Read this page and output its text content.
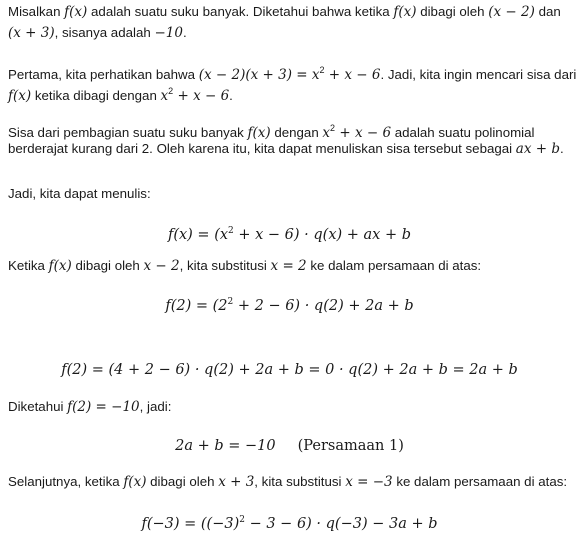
Misalkan f(x) adalah suatu suku banyak. Diketahui bahwa ketika f(x) dibagi oleh (x − 2) dan
(x + 3), sisanya adalah −10.
Pertama, kita perhatikan bahwa $(x - 2)(x + 3) = x^2 + x - 6$. Jadi, kita ingin mencari sisa dari
f(x) ketika dibagi dengan $x^2 + x - 6$.
Sisa dari pembagian suatu suku banyak f(x) dengan $x^2 + x - 6$ adalah suatu polinomial
berderajat kurang dari 2. Oleh karena itu, kita dapat menuliskan sisa tersebut sebagai ax + b.
Jadi, kita dapat menulis:
$f(x) = (x^2 + x - 6) \cdot q(x)$ + ax + b
Ketika f(x) dibagi oleh x − 2, kita substitusi x = 2 ke dalam persamaan di atas:
$f(2) = (2^2 + 2 - 6) \cdot q(2) + 2a + b$
f(2) = (4 + 2 − 6) · q(2) + 2a + b = 0 · q(2) + 2a + b = 2a + b
Diketahui f(2) = −10, jadi:
2a + b = −10 (Persamaan 1)
Selanjutnya, ketika f(x) dibagi oleh x + 3, kita substitusi x = −3 ke dalam persamaan di atas:
$f(-3) = ((-3)^2 - 3 - 6) \cdot q(-3) - 3a + b$
